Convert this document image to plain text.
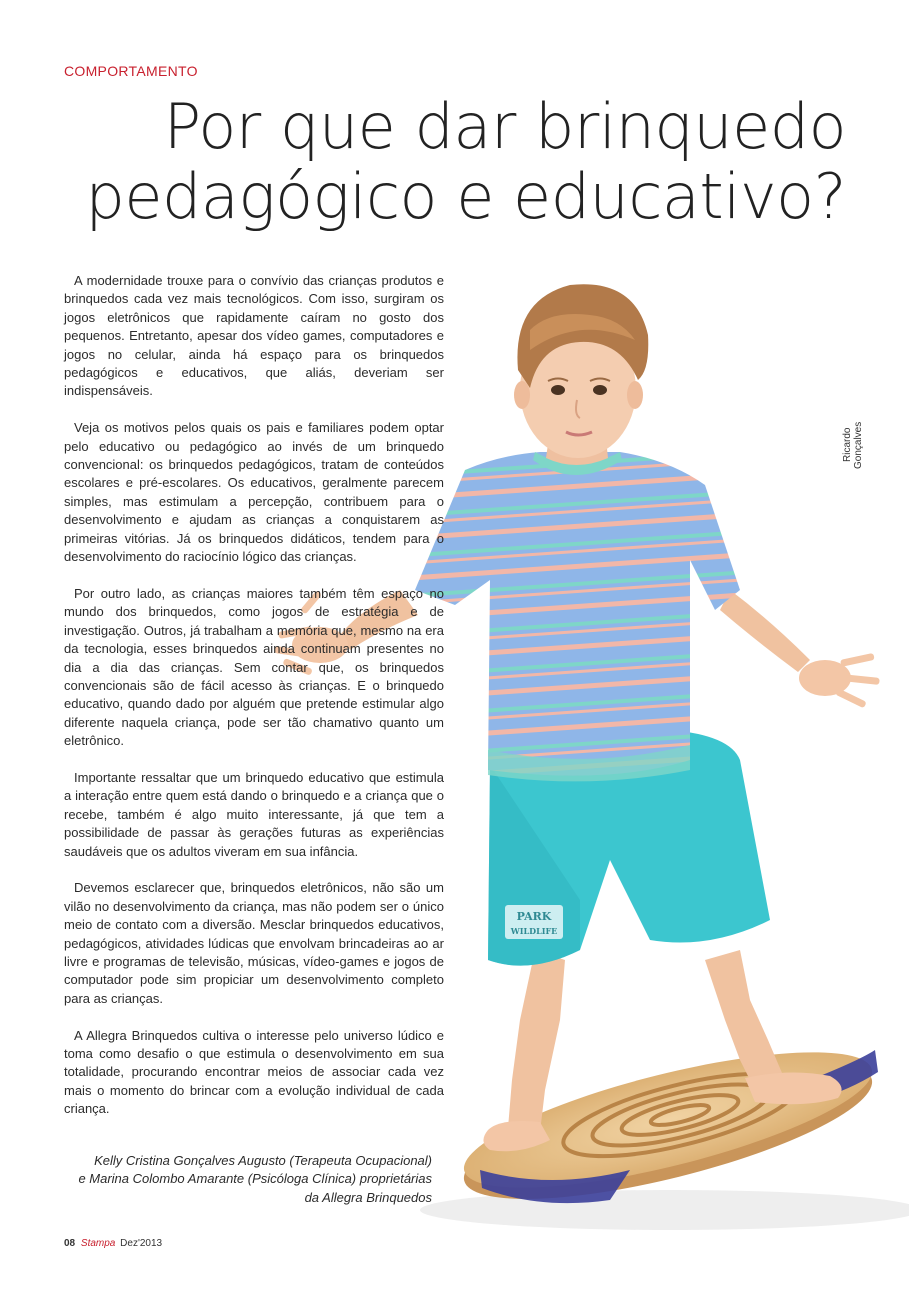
COMPORTAMENTO
Por que dar brinquedo
pedagógico e educativo?
PARK
WILDLIFE
Ricardo Gonçalves

A modernidade trouxe para o convívio das crianças produtos e brinquedos cada vez mais tecnológicos. Com isso, surgiram os jogos eletrônicos que rapidamente caíram no gosto dos pequenos. Entretanto, apesar dos vídeo games, computadores e jogos no celular, ainda há espaço para os brinquedos pedagógicos e educativos, que aliás, deveriam ser indispensáveis.

Veja os motivos pelos quais os pais e familiares podem optar pelo educativo ou pedagógico ao invés de um brinquedo convencional: os brinquedos pedagógicos, tratam de conteúdos escolares e pré-escolares. Os educativos, geralmente parecem simples, mas estimulam a percepção, contribuem para o desenvolvimento e ajudam as crianças a conquistarem as primeiras vitórias. Já os brinquedos didáticos, tendem para o desenvolvimento do raciocínio lógico das crianças.

Por outro lado, as crianças maiores também têm espaço no mundo dos brinquedos, como jogos de estratégia e de investigação. Outros, já trabalham a memória que, mesmo na era da tecnologia, esses brinquedos ainda continuam presentes no dia a dia das crianças. Sem contar que, os brinquedos convencionais são de fácil acesso às crianças. E o brinquedo educativo, quando dado por alguém que pretende estimular algo diferente naquela criança, pode ser tão chamativo quanto um eletrônico.

Importante ressaltar que um brinquedo educativo que estimula a interação entre quem está dando o brinquedo e a criança que o recebe, também é algo muito interessante, já que tem a possibilidade de passar às gerações futuras as experiências saudáveis que os adultos viveram em sua infância.

Devemos esclarecer que, brinquedos eletrônicos, não são um vilão no desenvolvimento da criança, mas não podem ser o único meio de contato com a diversão. Mesclar brinquedos educativos, pedagógicos, atividades lúdicas que envolvam brincadeiras ao ar livre e programas de televisão, músicas, vídeo-games e jogos de computador pode sim propiciar um desenvolvimento completo para as crianças.

A Allegra Brinquedos cultiva o interesse pelo universo lúdico e toma como desafio o que estimula o desenvolvimento em sua totalidade, procurando encontrar meios de associar cada vez mais o momento do brincar com a evolução individual de cada criança.

Kelly Cristina Gonçalves Augusto (Terapeuta Ocupacional)
e Marina Colombo Amarante (Psicóloga Clínica) proprietárias
da Allegra Brinquedos
08 Stampa Dez'2013
